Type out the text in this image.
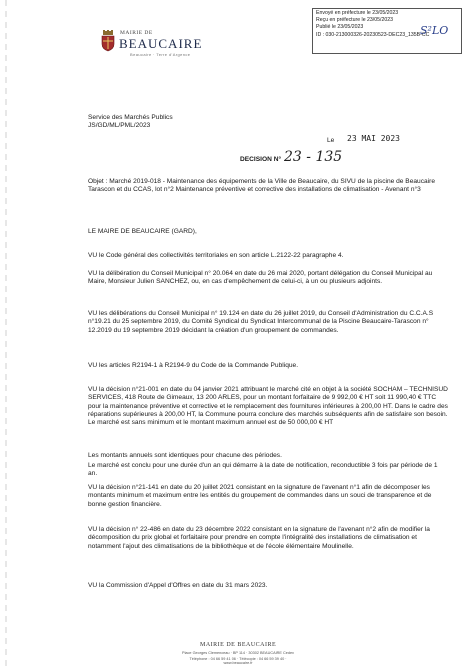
Envoyé en préfecture le 23/05/2023
Reçu en préfecture le 23/05/2023
Publié le 23/05/2023
ID : 030-213000326-20230523-DEC23_135B-CC
S²LO
MAIRIE DE
BEAUCAIRE
Beaucaire · Terre d'Argence
Service des Marchés Publics
JS/GD/ML/PML/2023
Le 23 MAI 2023
DECISION N° 23 - 135

Objet : Marché 2019-018 - Maintenance des équipements de la Ville de Beaucaire, du SIVU de la piscine de Beaucaire Tarascon et du CCAS, lot n°2 Maintenance préventive et corrective des installations de climatisation - Avenant n°3

LE MAIRE DE BEAUCAIRE (GARD),

VU le Code général des collectivités territoriales en son article L.2122-22 paragraphe 4.

VU la délibération du Conseil Municipal n° 20.064 en date du 26 mai 2020, portant délégation du Conseil Municipal au Maire, Monsieur Julien SANCHEZ, ou, en cas d'empêchement de celui-ci, à un ou plusieurs adjoints.

VU les délibérations du Conseil Municipal n° 19.124 en date du 26 juillet 2019, du Conseil d'Administration du C.C.A.S n°19.21 du 25 septembre 2019, du Comité Syndical du Syndicat Intercommunal de la Piscine Beaucaire-Tarascon n° 12.2019 du 19 septembre 2019 décidant la création d'un groupement de commandes.

VU les articles R2194-1 à R2194-9 du Code de la Commande Publique.

VU la décision n°21-001 en date du 04 janvier 2021 attribuant le marché cité en objet à la société SOCHAM – TECHNISUD SERVICES, 418 Route de Gimeaux, 13 200 ARLES, pour un montant forfaitaire de 9 992,00 € HT soit 11 990,40 € TTC pour la maintenance préventive et corrective et le remplacement des fournitures inférieures à 200,00 HT. Dans le cadre des réparations supérieures à 200,00 HT, la Commune pourra conclure des marchés subséquents afin de satisfaire son besoin. Le marché est sans minimum et le montant maximum annuel est de 50 000,00 € HT

Les montants annuels sont identiques pour chacune des périodes.

Le marché est conclu pour une durée d'un an qui démarre à la date de notification, reconductible 3 fois par période de 1 an.

VU la décision n°21-141 en date du 20 juillet 2021 consistant en la signature de l'avenant n°1 afin de décomposer les montants minimum et maximum entre les entités du groupement de commandes dans un souci de transparence et de bonne gestion financière.

VU la décision n° 22-486 en date du 23 décembre 2022 consistant en la signature de l'avenant n°2 afin de modifier la décomposition du prix global et forfaitaire pour prendre en compte l'intégralité des installations de climatisation et notamment l'ajout des climatisations de la bibliothèque et de l'école élémentaire Moulinelle.

VU la Commission d'Appel d'Offres en date du 31 mars 2023.

MAIRIE DE BEAUCAIRE
Place Georges Clemenceau · BP 114 · 30302 BEAUCAIRE Cedex
Téléphone : 04 66 59 41 06 · Télécopie : 04 66 59 39 40 · www.beaucaire.fr
